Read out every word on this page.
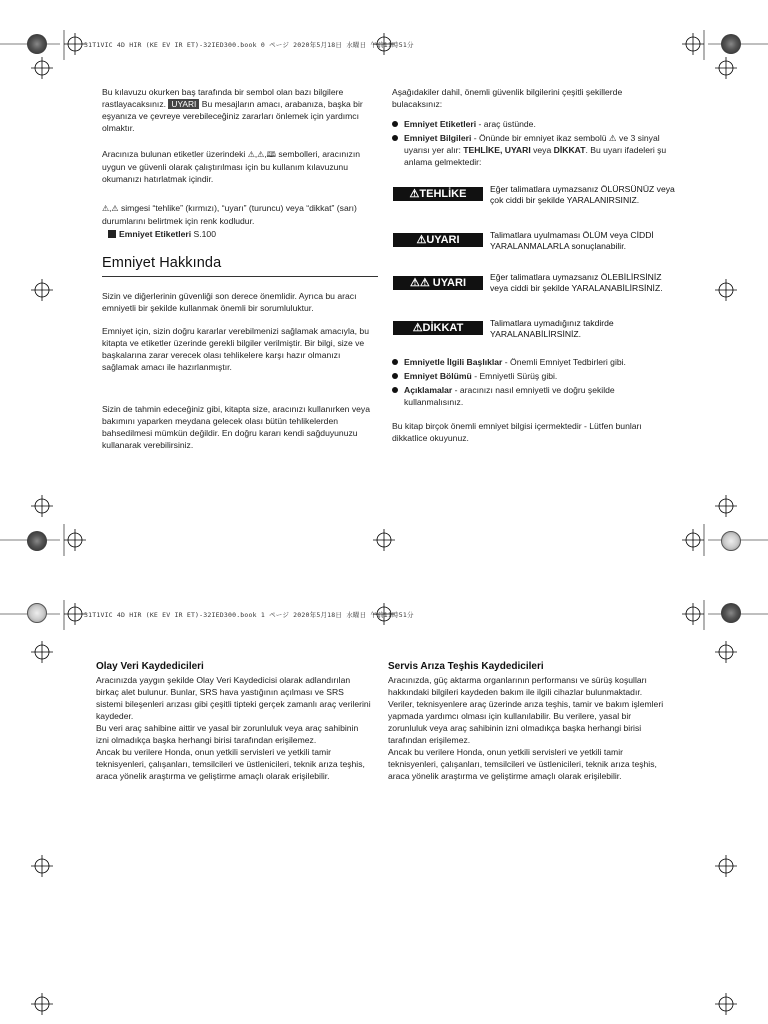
31T1VIC 4D HIR (KE EV IR ET)-32IED300.book 0 ページ 2020年5月18日 水曜日 午前11時51分
31T1VIC 4D HIR (KE EV IR ET)-32IED300.book 1 ページ 2020年5月18日 水曜日 午前11時51分
Bu kılavuzu okurken baş tarafında bir sembol olan bazı bilgilere rastlayacaksınız. UYARI Bu mesajların amacı, arabanıza, başka bir eşyanıza ve çevreye verebileceğiniz zararları önlemek için yardımcı olmaktır.
Aracınıza bulunan etiketler üzerindeki ⚠,⚠,🕮 sembolleri, aracınızın uygun ve güvenli olarak çalıştırılması için bu kullanım kılavuzunu okumanızı hatırlatmak içindir.
⚠,⚠ simgesi “tehlike” (kırmızı), “uyarı” (turuncu) veya “dikkat” (sarı) durumlarını belirtmek için renk kodludur.
Emniyet Etiketleri S.100
Emniyet Hakkında
Sizin ve diğerlerinin güvenliği son derece önemlidir. Ayrıca bu aracı emniyetli bir şekilde kullanmak önemli bir sorumluluktur.
Emniyet için, sizin doğru kararlar verebilmenizi sağlamak amacıyla, bu kitapta ve etiketler üzerinde gerekli bilgiler verilmiştir. Bir bilgi, size ve başkalarına zarar verecek olası tehlikelere karşı hazır olmanızı sağlamak amacı ile hazırlanmıştır.
Sizin de tahmin edeceğiniz gibi, kitapta size, aracınızı kullanırken veya bakımını yaparken meydana gelecek olası bütün tehlikelerden bahsedilmesi mümkün değildir. En doğru kararı kendi sağduyunuzu kullanarak verebilirsiniz.
Aşağıdakiler dahil, önemli güvenlik bilgilerini çeşitli şekillerde bulacaksınız:
Emniyet Etiketleri - araç üstünde.
Emniyet Bilgileri - Önünde bir emniyet ikaz sembolü ⚠ ve 3 sinyal uyarısı yer alır: TEHLİKE, UYARI veya DİKKAT. Bu uyarı ifadeleri şu anlama gelmektedir:
⚠TEHLİKE	Eğer talimatlara uymazsanız ÖLÜRSÜNÜZ veya çok ciddi bir şekilde YARALANIRSINIZ.
⚠UYARI	Talimatlara uyulmaması ÖLÜM veya CİDDİ YARALANMALARLA sonuçlanabilir.
⚠⚠ UYARI	Eğer talimatlara uymazsanız ÖLEBİLİRSİNİZ veya ciddi bir şekilde YARALANABİLİRSİNİZ.
⚠DİKKAT	Talimatlara uymadığınız takdirde YARALANABİLİRSİNİZ.
Emniyetle İlgili Başlıklar - Önemli Emniyet Tedbirleri gibi.
Emniyet Bölümü - Emniyetli Sürüş gibi.
Açıklamalar - aracınızı nasıl emniyetli ve doğru şekilde kullanmalısınız.
Bu kitap birçok önemli emniyet bilgisi içermektedir - Lütfen bunları dikkatlice okuyunuz.
Olay Veri Kaydedicileri

Aracınızda yaygın şekilde Olay Veri Kaydedicisi olarak adlandırılan birkaç alet bulunur. Bunlar, SRS hava yastığının açılması ve SRS sistemi bileşenleri arızası gibi çeşitli tipteki gerçek zamanlı araç verilerini kaydeder.

Bu veri araç sahibine aittir ve yasal bir zorunluluk veya araç sahibinin izni olmadıkça başka herhangi birisi tarafından erişilemez.

Ancak bu verilere Honda, onun yetkili servisleri ve yetkili tamir teknisyenleri, çalışanları, temsilcileri ve üstlenicileri, teknik arıza teşhis, araca yönelik araştırma ve geliştirme amaçlı olarak erişilebilir.

Servis Arıza Teşhis Kaydedicileri

Aracınızda, güç aktarma organlarının performansı ve sürüş koşulları hakkındaki bilgileri kaydeden bakım ile ilgili cihazlar bulunmaktadır. Veriler, teknisyenlere araç üzerinde arıza teşhis, tamir ve bakım işlemleri yapmada yardımcı olması için kullanılabilir. Bu verilere, yasal bir zorunluluk veya araç sahibinin izni olmadıkça başka herhangi birisi tarafından erişilemez.

Ancak bu verilere Honda, onun yetkili servisleri ve yetkili tamir teknisyenleri, çalışanları, temsilcileri ve üstlenicileri, teknik arıza teşhis, araca yönelik araştırma ve geliştirme amaçlı olarak erişilebilir.
